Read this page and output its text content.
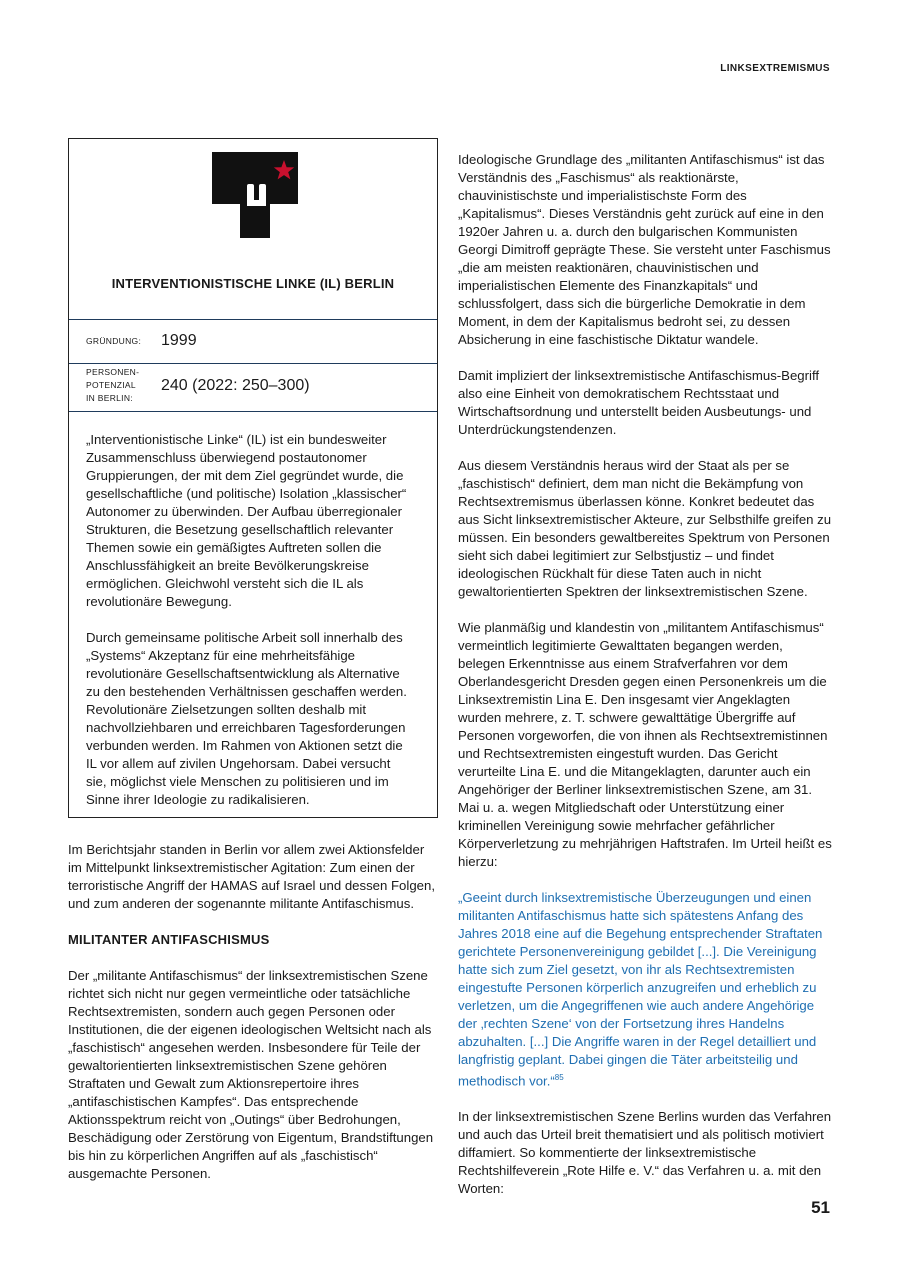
LINKSEXTREMISMUS
INTERVENTIONISTISCHE LINKE (IL) BERLIN
GRÜNDUNG: 1999
PERSONEN-
POTENZIAL
IN BERLIN:
240 (2022: 250–300)

„Interventionistische Linke“ (IL) ist ein bundesweiter Zusammenschluss überwiegend postautonomer Gruppierungen, der mit dem Ziel gegründet wurde, die gesellschaftliche (und politische) Isolation „klassischer“ Autonomer zu überwinden. Der Aufbau überregionaler Strukturen, die Besetzung gesellschaftlich relevanter Themen sowie ein gemäßigtes Auftreten sollen die Anschlussfähigkeit an breite Bevölkerungskreise ermöglichen. Gleichwohl versteht sich die IL als revolutionäre Bewegung.

Durch gemeinsame politische Arbeit soll innerhalb des „Systems“ Akzeptanz für eine mehrheitsfähige revolutionäre Gesellschaftsentwicklung als Alternative zu den bestehenden Verhältnissen geschaffen werden. Revolutionäre Zielsetzungen sollten deshalb mit nachvollziehbaren und erreichbaren Tagesforderungen verbunden werden. Im Rahmen von Aktionen setzt die IL vor allem auf zivilen Ungehorsam. Dabei versucht sie, möglichst viele Menschen zu politisieren und im Sinne ihrer Ideologie zu radikalisieren.

Im Berichtsjahr standen in Berlin vor allem zwei Aktionsfelder im Mittelpunkt linksextremistischer Agitation: Zum einen der terroristische Angriff der HAMAS auf Israel und dessen Folgen, und zum anderen der sogenannte militante Antifaschismus.

MILITANTER ANTIFASCHISMUS

Der „militante Antifaschismus“ der linksextremistischen Szene richtet sich nicht nur gegen vermeintliche oder tatsächliche Rechtsextremisten, sondern auch gegen Personen oder Institutionen, die der eigenen ideologischen Weltsicht nach als „faschistisch“ angesehen werden. Insbesondere für Teile der gewaltorientierten linksextremistischen Szene gehören Straftaten und Gewalt zum Aktionsrepertoire ihres „antifaschistischen Kampfes“. Das entsprechende Aktionsspektrum reicht von „Outings“ über Bedrohungen, Beschädigung oder Zerstörung von Eigentum, Brandstiftungen bis hin zu körperlichen Angriffen auf als „faschistisch“ ausgemachte Personen.

Ideologische Grundlage des „militanten Antifaschismus“ ist das Verständnis des „Faschismus“ als reaktionärste, chauvinistischste und imperialistischste Form des „Kapitalismus“. Dieses Verständnis geht zurück auf eine in den 1920er Jahren u. a. durch den bulgarischen Kommunisten Georgi Dimitroff geprägte These. Sie versteht unter Faschismus „die am meisten reaktionären, chauvinistischen und imperialistischen Elemente des Finanzkapitals“ und schlussfolgert, dass sich die bürgerliche Demokratie in dem Moment, in dem der Kapitalismus bedroht sei, zu dessen Absicherung in eine faschistische Diktatur wandele.

Damit impliziert der linksextremistische Antifaschismus-Begriff also eine Einheit von demokratischem Rechtsstaat und Wirtschaftsordnung und unterstellt beiden Ausbeutungs- und Unterdrückungstendenzen.

Aus diesem Verständnis heraus wird der Staat als per se „faschistisch“ definiert, dem man nicht die Bekämpfung von Rechtsextremismus überlassen könne. Konkret bedeutet das aus Sicht linksextremistischer Akteure, zur Selbsthilfe greifen zu müssen. Ein besonders gewaltbereites Spektrum von Personen sieht sich dabei legitimiert zur Selbstjustiz – und findet ideologischen Rückhalt für diese Taten auch in nicht gewaltorientierten Spektren der linksextremistischen Szene.

Wie planmäßig und klandestin von „militantem Antifaschismus“ vermeintlich legitimierte Gewalttaten begangen werden, belegen Erkenntnisse aus einem Strafverfahren vor dem Oberlandesgericht Dresden gegen einen Personenkreis um die Linksextremistin Lina E. Den insgesamt vier Angeklagten wurden mehrere, z. T. schwere gewalttätige Übergriffe auf Personen vorgeworfen, die von ihnen als Rechtsextremistinnen und Rechtsextremisten eingestuft wurden. Das Gericht verurteilte Lina E. und die Mitangeklagten, darunter auch ein Angehöriger der Berliner linksextremistischen Szene, am 31. Mai u. a. wegen Mitgliedschaft oder Unterstützung einer kriminellen Vereinigung sowie mehrfacher gefährlicher Körperverletzung zu mehrjährigen Haftstrafen. Im Urteil heißt es hierzu:

„Geeint durch linksextremistische Überzeugungen und einen militanten Antifaschismus hatte sich spätestens Anfang des Jahres 2018 eine auf die Begehung entsprechender Straftaten gerichtete Personenvereinigung gebildet [...]. Die Vereinigung hatte sich zum Ziel gesetzt, von ihr als Rechtsextremisten eingestufte Personen körperlich anzugreifen und erheblich zu verletzen, um die Angegriffenen wie auch andere Angehörige der ‚rechten Szene‘ von der Fortsetzung ihres Handelns abzuhalten. [...] Die Angriffe waren in der Regel detailliert und langfristig geplant. Dabei gingen die Täter arbeitsteilig und methodisch vor.“$^{85}$

In der linksextremistischen Szene Berlins wurden das Verfahren und auch das Urteil breit thematisiert und als politisch motiviert diffamiert. So kommentierte der linksextremistische Rechtshilfeverein „Rote Hilfe e. V.“ das Verfahren u. a. mit den Worten:

51
